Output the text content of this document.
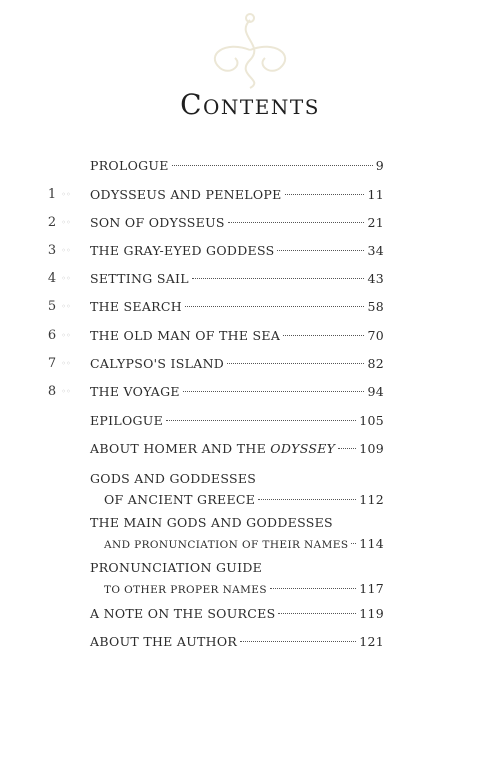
Contents
PROLOGUE	9
1 ◦◦ ODYSSEUS AND PENELOPE	11
2 ◦◦ SON OF ODYSSEUS	21
3 ◦◦ THE GRAY-EYED GODDESS	34
4 ◦◦ SETTING SAIL	43
5 ◦◦ THE SEARCH	58
6 ◦◦ THE OLD MAN OF THE SEA	70
7 ◦◦ CALYPSO'S ISLAND	82
8 ◦◦ THE VOYAGE	94
EPILOGUE	105
ABOUT HOMER AND THE ODYSSEY 109
GODS AND GODDESSES
OF ANCIENT GREECE	112
THE MAIN GODS AND GODDESSES
AND PRONUNCIATION OF THEIR NAMES 114
PRONUNCIATION GUIDE
TO OTHER PROPER NAMES	117
A NOTE ON THE SOURCES	119
ABOUT THE AUTHOR	121
